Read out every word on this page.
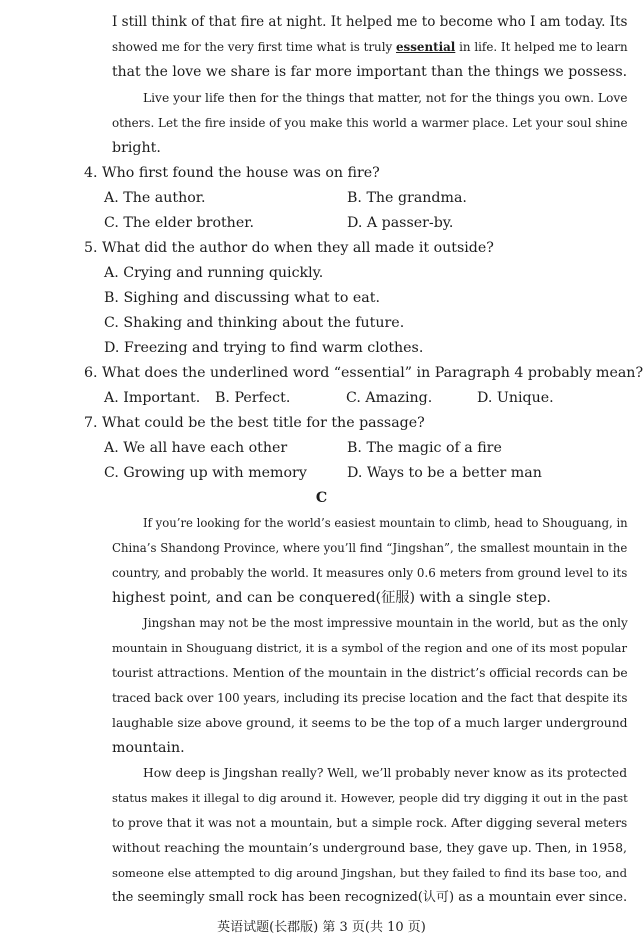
I still think of that fire at night. It helped me to become who I am today. Its
showed me for the very first time what is truly essential in life. It helped me to learn
that the love we share is far more important than the things we possess.
Live your life then for the things that matter, not for the things you own. Love
others. Let the fire inside of you make this world a warmer place. Let your soul shine
bright.
4. Who first found the house was on fire?
A. The author.	B. The grandma.
C. The elder brother.	D. A passer-by.
5. What did the author do when they all made it outside?
A. Crying and running quickly.
B. Sighing and discussing what to eat.
C. Shaking and thinking about the future.
D. Freezing and trying to find warm clothes.
6. What does the underlined word “essential” in Paragraph 4 probably mean?
A. Important.	B. Perfect.	C. Amazing.	D. Unique.
7. What could be the best title for the passage?
A. We all have each other	B. The magic of a fire
C. Growing up with memory	D. Ways to be a better man
C
If you’re looking for the world’s easiest mountain to climb, head to Shouguang, in
China’s Shandong Province, where you’ll find “Jingshan”, the smallest mountain in the
country, and probably the world. It measures only 0.6 meters from ground level to its
highest point, and can be conquered(征服) with a single step.
Jingshan may not be the most impressive mountain in the world, but as the only
mountain in Shouguang district, it is a symbol of the region and one of its most popular
tourist attractions. Mention of the mountain in the district’s official records can be
traced back over 100 years, including its precise location and the fact that despite its
laughable size above ground, it seems to be the top of a much larger underground
mountain.
How deep is Jingshan really? Well, we’ll probably never know as its protected
status makes it illegal to dig around it. However, people did try digging it out in the past
to prove that it was not a mountain, but a simple rock. After digging several meters
without reaching the mountain’s underground base, they gave up. Then, in 1958,
someone else attempted to dig around Jingshan, but they failed to find its base too, and
the seemingly small rock has been recognized(认可) as a mountain ever since.
英语试题(长郡版) 第 3 页(共 10 页)
